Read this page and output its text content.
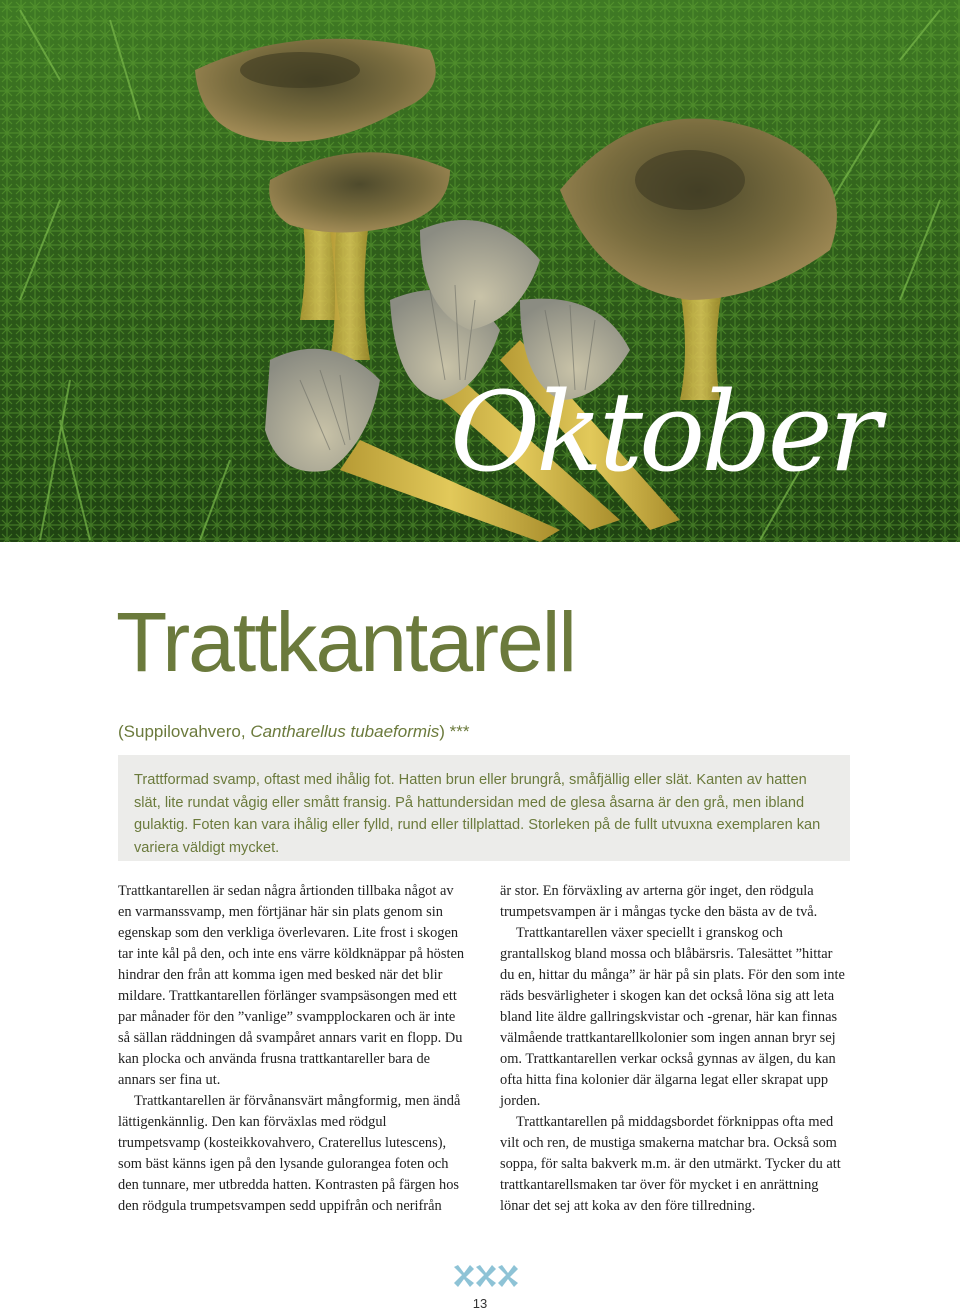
Oktober
Trattkantarell

(Suppilovahvero, Cantharellus tubaeformis) ***

Trattformad svamp, oftast med ihålig fot. Hatten brun eller brungrå, småfjällig eller slät. Kanten av hatten slät, lite rundat vågig eller smått fransig. På hattundersidan med de glesa åsarna är den grå, men ibland gulaktig. Foten kan vara ihålig eller fylld, rund eller tillplattad. Storleken på de fullt utvuxna exemplaren kan variera väldigt mycket.

Trattkantarellen är sedan några årtionden tillbaka något av en varmanssvamp, men förtjänar här sin plats genom sin egenskap som den verkliga överlevaren. Lite frost i skogen tar inte kål på den, och inte ens värre köldknäppar på hösten hindrar den från att komma igen med besked när det blir mildare. Trattkantarellen förlänger svampsäsongen med ett par månader för den ”vanlige” svampplockaren och är inte så sällan räddningen då svampåret annars varit en flopp. Du kan plocka och använda frusna trattkantareller bara de annars ser fina ut.

Trattkantarellen är förvånansvärt mångformig, men ändå lättigenkännlig. Den kan förväxlas med rödgul trumpetsvamp (kosteikkovahvero, Craterellus lutescens), som bäst känns igen på den lysande gulorangea foten och den tunnare, mer utbredda hatten. Kontrasten på färgen hos den rödgula trumpetsvampen sedd uppifrån och nerifrån

är stor. En förväxling av arterna gör inget, den rödgula trumpetsvampen är i mångas tycke den bästa av de två.

Trattkantarellen växer speciellt i granskog och grantallskog bland mossa och blåbärsris. Talesättet ”hittar du en, hittar du många” är här på sin plats. För den som inte räds besvärligheter i skogen kan det också löna sig att leta bland lite äldre gallringskvistar och -grenar, här kan finnas välmående trattkantarellkolonier som ingen annan bryr sej om. Trattkantarellen verkar också gynnas av älgen, du kan ofta hitta fina kolonier där älgarna legat eller skrapat upp jorden.

Trattkantarellen på middagsbordet förknippas ofta med vilt och ren, de mustiga smakerna matchar bra. Också som soppa, för salta bakverk m.m. är den utmärkt. Tycker du att trattkantarellsmaken tar över för mycket i en anrättning lönar det sej att koka av den före tillredning.

13
